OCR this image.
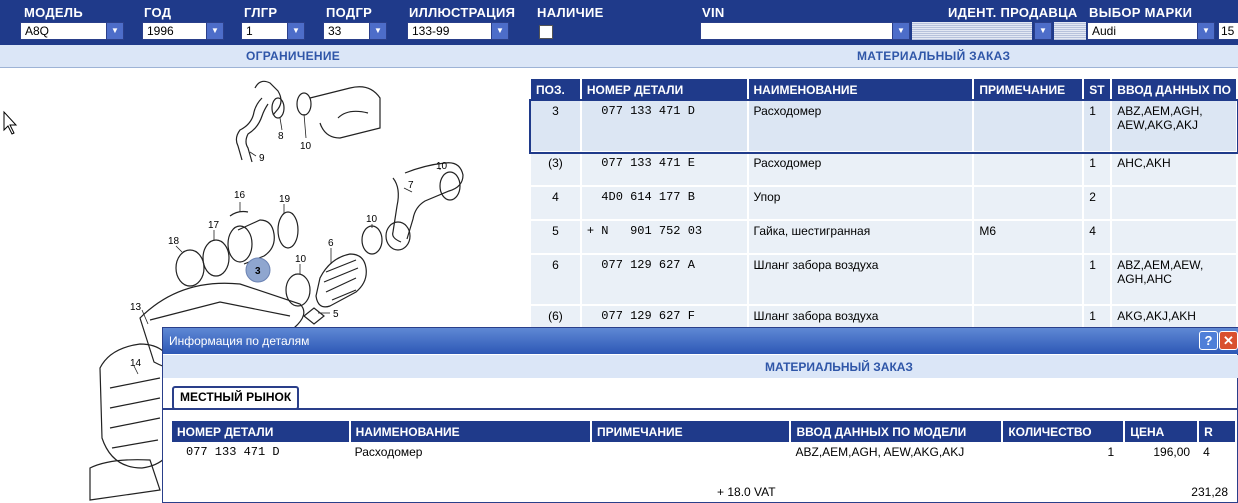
МОДЕЛЬ	ГОД	ГЛГР	ПОДГР	ИЛЛЮСТРАЦИЯ НАЛИЧИЕ	VIN	ИДЕНТ. ПРОДАВЦА ВЫБОР МАРКИ
A8Q	▼	1996	▼	1	▼	33	▼	133-99	▼	▼	▼	Audi	▼ 15
ОГРАНИЧЕНИЕ	МАТЕРИАЛЬНЫЙ ЗАКАЗ
8
10
9
10
7
16	19
17
18
10
6
3
10
13
5
14
ПОЗ.	НОМЕР ДЕТАЛИ	НАИМЕНОВАНИЕ	ПРИМЕЧАНИЕ	ST	ВВОД ДАННЫХ ПО
3	077 133 471 D	Расходомер		1	ABZ,AEM,AGH, AEW,AKG,AKJ
(3)	077 133 471 E	Расходомер		1	AHC,AKH
4	4D0 614 177 B	Упор		2	
5	+ N   901 752 03	Гайка, шестигранная	M6	4	
6	077 129 627 A	Шланг забора воздуха		1	ABZ,AEM,AEW, AGH,AHC
(6)	077 129 627 F	Шланг забора воздуха		1	AKG,AKJ,AKH
Информация по деталям	? ✕
МАТЕРИАЛЬНЫЙ ЗАКАЗ
МЕСТНЫЙ РЫНОК
НОМЕР ДЕТАЛИ	НАИМЕНОВАНИЕ	ПРИМЕЧАНИЕ	ВВОД ДАННЫХ ПО МОДЕЛИ	КОЛИЧЕСТВО	ЦЕНА	R
077 133 471 D	Расходомер		ABZ,AEM,AGH, AEW,AKG,AKJ	1	196,00	4
+ 18.0 VAT	231,28
